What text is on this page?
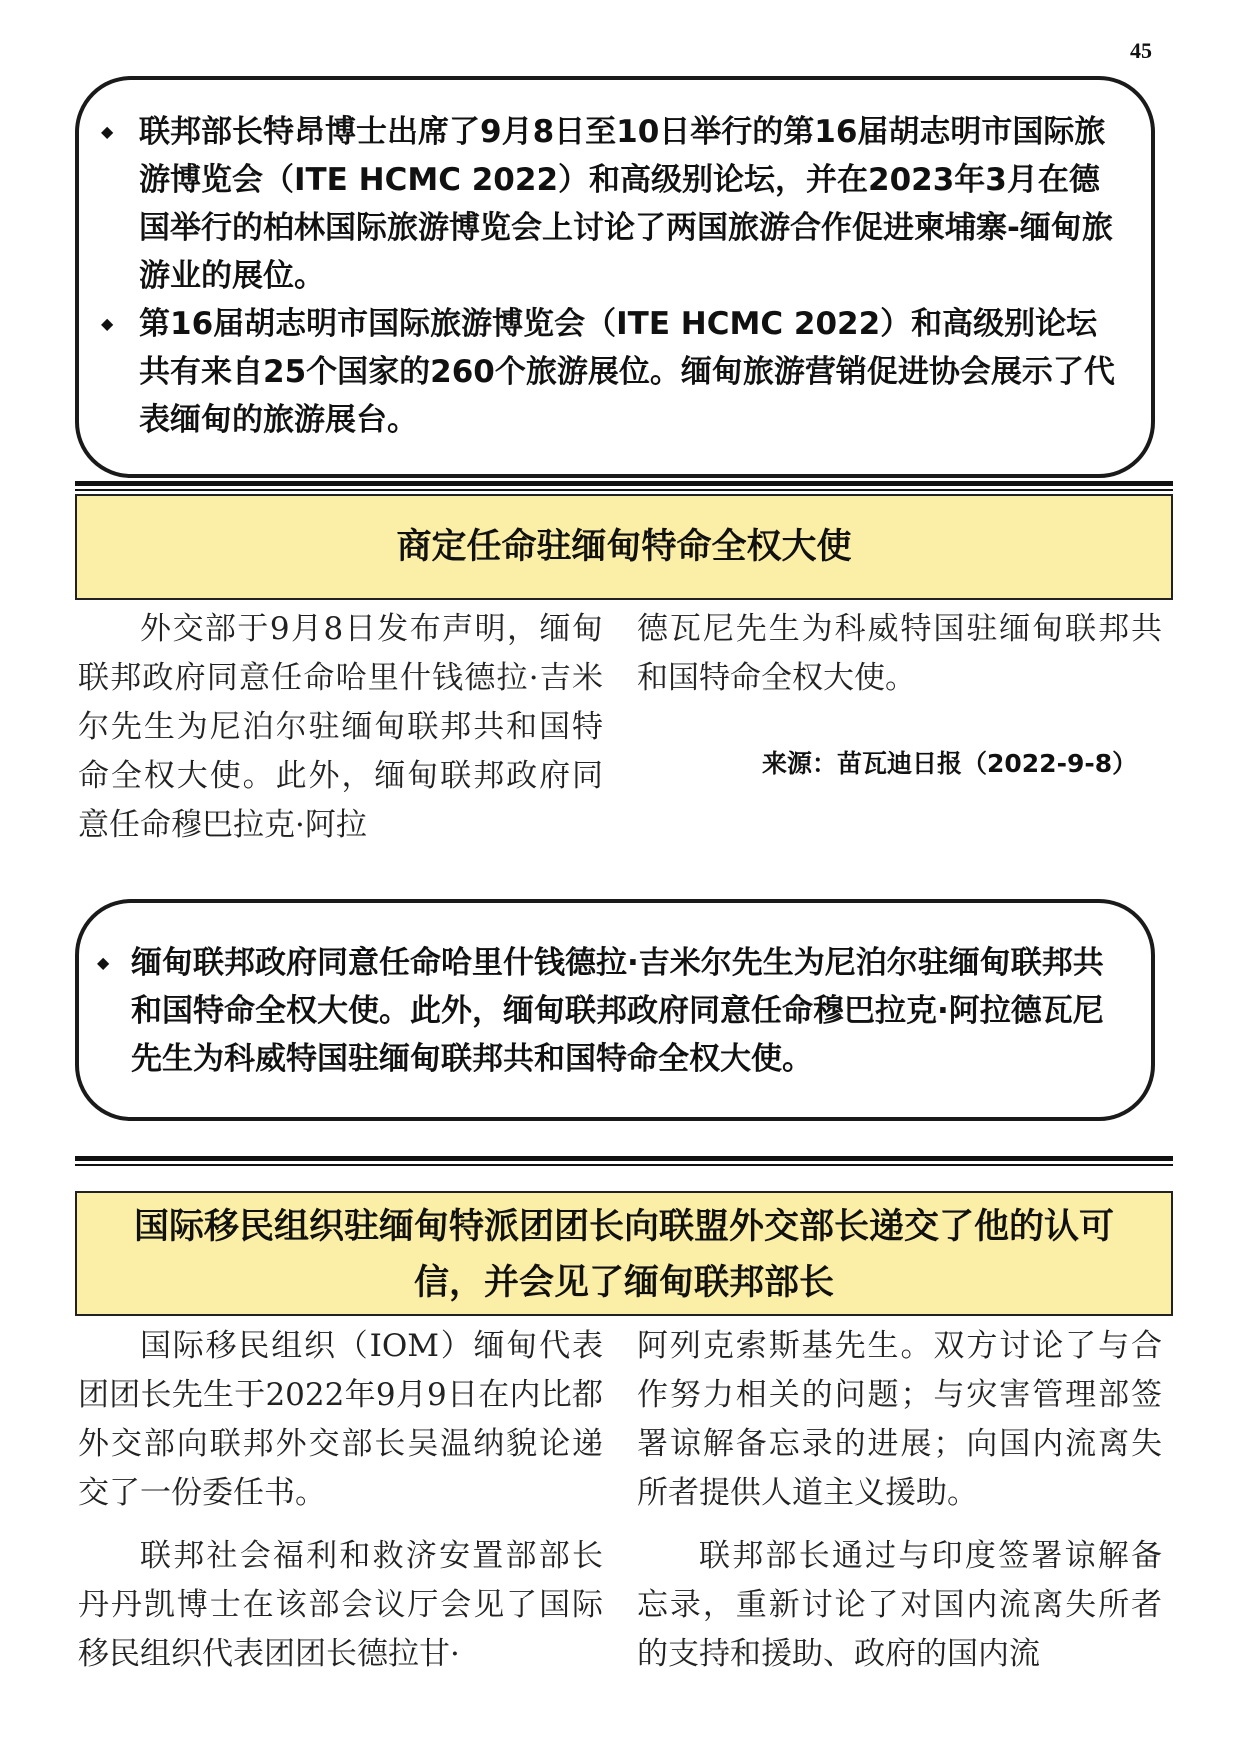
45
◆ 联邦部长特昂博士出席了9月8日至10日举行的第16届胡志明市国际旅游博览会（ITE HCMC 2022）和高级别论坛，并在2023年3月在德国举行的柏林国际旅游博览会上讨论了两国旅游合作促进柬埔寨-缅甸旅游业的展位。
◆ 第16届胡志明市国际旅游博览会（ITE HCMC 2022）和高级别论坛共有来自25个国家的260个旅游展位。缅甸旅游营销促进协会展示了代表缅甸的旅游展台。
商定任命驻缅甸特命全权大使

外交部于9月8日发布声明，缅甸联邦政府同意任命哈里什钱德拉·吉米尔先生为尼泊尔驻缅甸联邦共和国特命全权大使。此外，缅甸联邦政府同意任命穆巴拉克·阿拉

德瓦尼先生为科威特国驻缅甸联邦共和国特命全权大使。

来源：苗瓦迪日报（2022-9-8）
◆ 缅甸联邦政府同意任命哈里什钱德拉·吉米尔先生为尼泊尔驻缅甸联邦共和国特命全权大使。此外，缅甸联邦政府同意任命穆巴拉克·阿拉德瓦尼先生为科威特国驻缅甸联邦共和国特命全权大使。
国际移民组织驻缅甸特派团团长向联盟外交部长递交了他的认可
信，并会见了缅甸联邦部长

国际移民组织（IOM）缅甸代表团团长先生于2022年9月9日在内比都外交部向联邦外交部长吴温纳貌论递交了一份委任书。

联邦社会福利和救济安置部部长丹丹凯博士在该部会议厅会见了国际移民组织代表团团长德拉甘·

阿列克索斯基先生。双方讨论了与合作努力相关的问题；与灾害管理部签署谅解备忘录的进展；向国内流离失所者提供人道主义援助。

联邦部长通过与印度签署谅解备忘录，重新讨论了对国内流离失所者的支持和援助、政府的国内流
